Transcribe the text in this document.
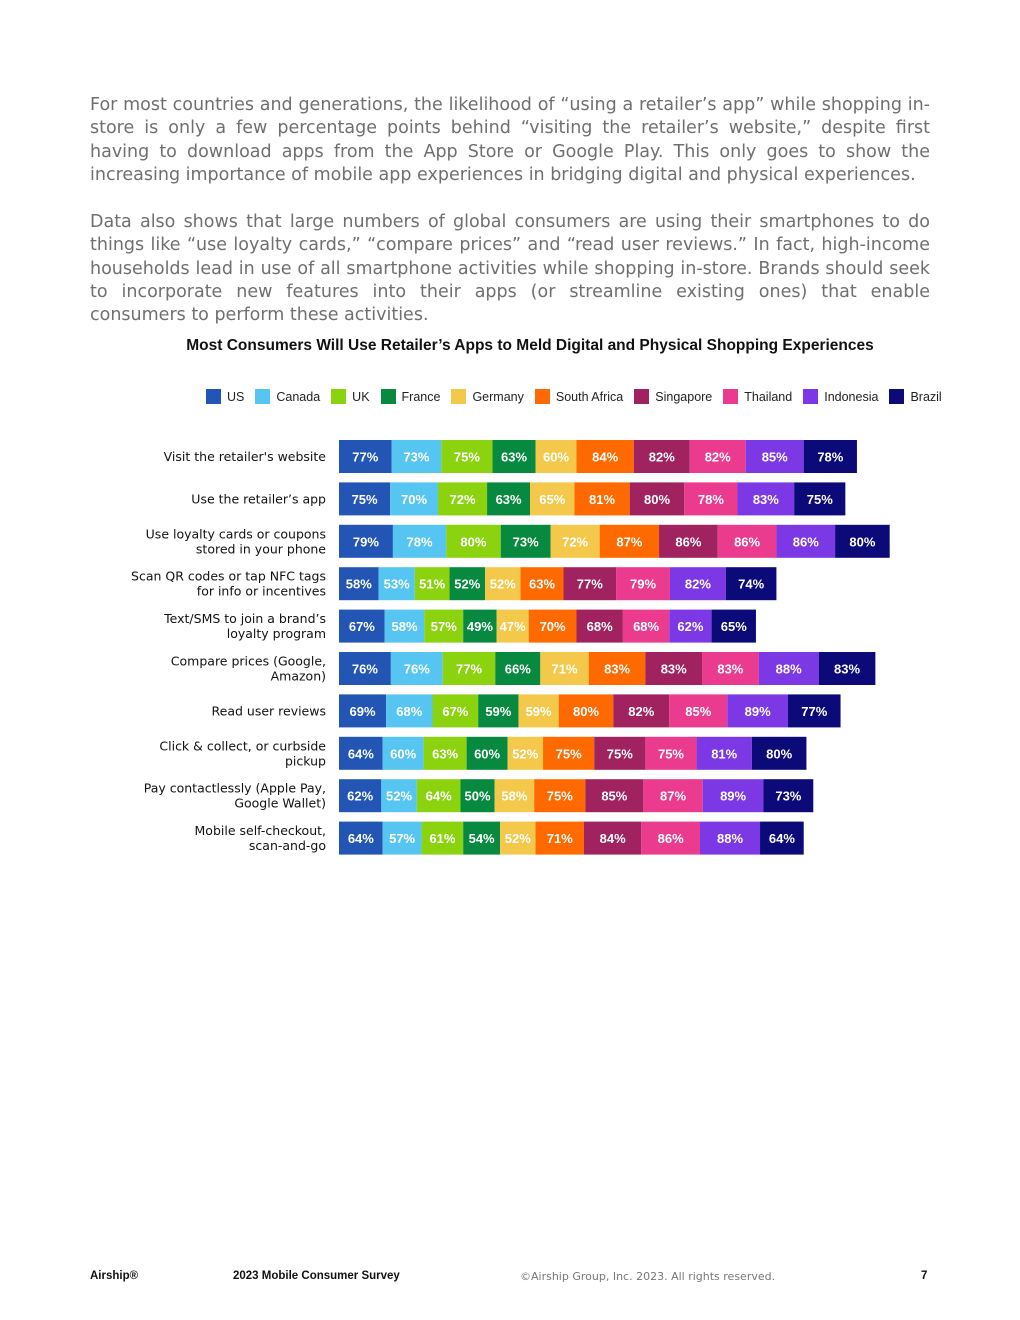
For most countries and generations, the likelihood of “using a retailer’s app” while shopping in-store is only a few percentage points behind “visiting the retailer’s website,” despite first having to download apps from the App Store or Google Play. This only goes to show the increasing importance of mobile app experiences in bridging digital and physical experiences.

Data also shows that large numbers of global consumers are using their smartphones to do things like “use loyalty cards,” “compare prices” and “read user reviews.” In fact, high-income households lead in use of all smartphone activities while shopping in-store. Brands should seek to incorporate new features into their apps (or streamline existing ones) that enable consumers to perform these activities.

Most Consumers Will Use Retailer’s Apps to Meld Digital and Physical Shopping Experiences
US	Canada	UK	France	Germany	South Africa	Singapore	Thailand	Indonesia	Brazil
Visit the retailer's website 77% 73% 75% 63% 60% 84% 82% 82% 85% 78%
Use the retailer’s app 75% 70% 72% 63% 65% 81% 80% 78% 83% 75%
Use loyalty cards or coupons stored in your phone 79% 78% 80% 73% 72% 87%	86%	86%	86% 80%
Scan QR codes or tap NFC tags for info or incentives 58% 53% 51% 52% 52% 63% 77% 79% 82% 74%
Text/SMS to join a brand’s loyalty program 67% 58% 57% 49% 47% 70% 68% 68% 62% 65%
Compare prices (Google, Amazon) 76% 76% 77% 66% 71% 83% 83% 83% 88% 83%
Read user reviews 69% 68% 67% 59% 59% 80% 82% 85%	89% 77%
Click & collect, or curbside pickup 64% 60% 63% 60% 52% 75% 75% 75% 81% 80%
Pay contactlessly (Apple Pay, Google Wallet) 62% 52% 64% 50% 58% 75% 85%	87%	89% 73%
Mobile self-checkout, scan-and-go 64% 57% 61% 54% 52% 71% 84% 86%	88% 64%
Airship®	2023 Mobile Consumer Survey	©Airship Group, Inc. 2023. All rights reserved.	7
